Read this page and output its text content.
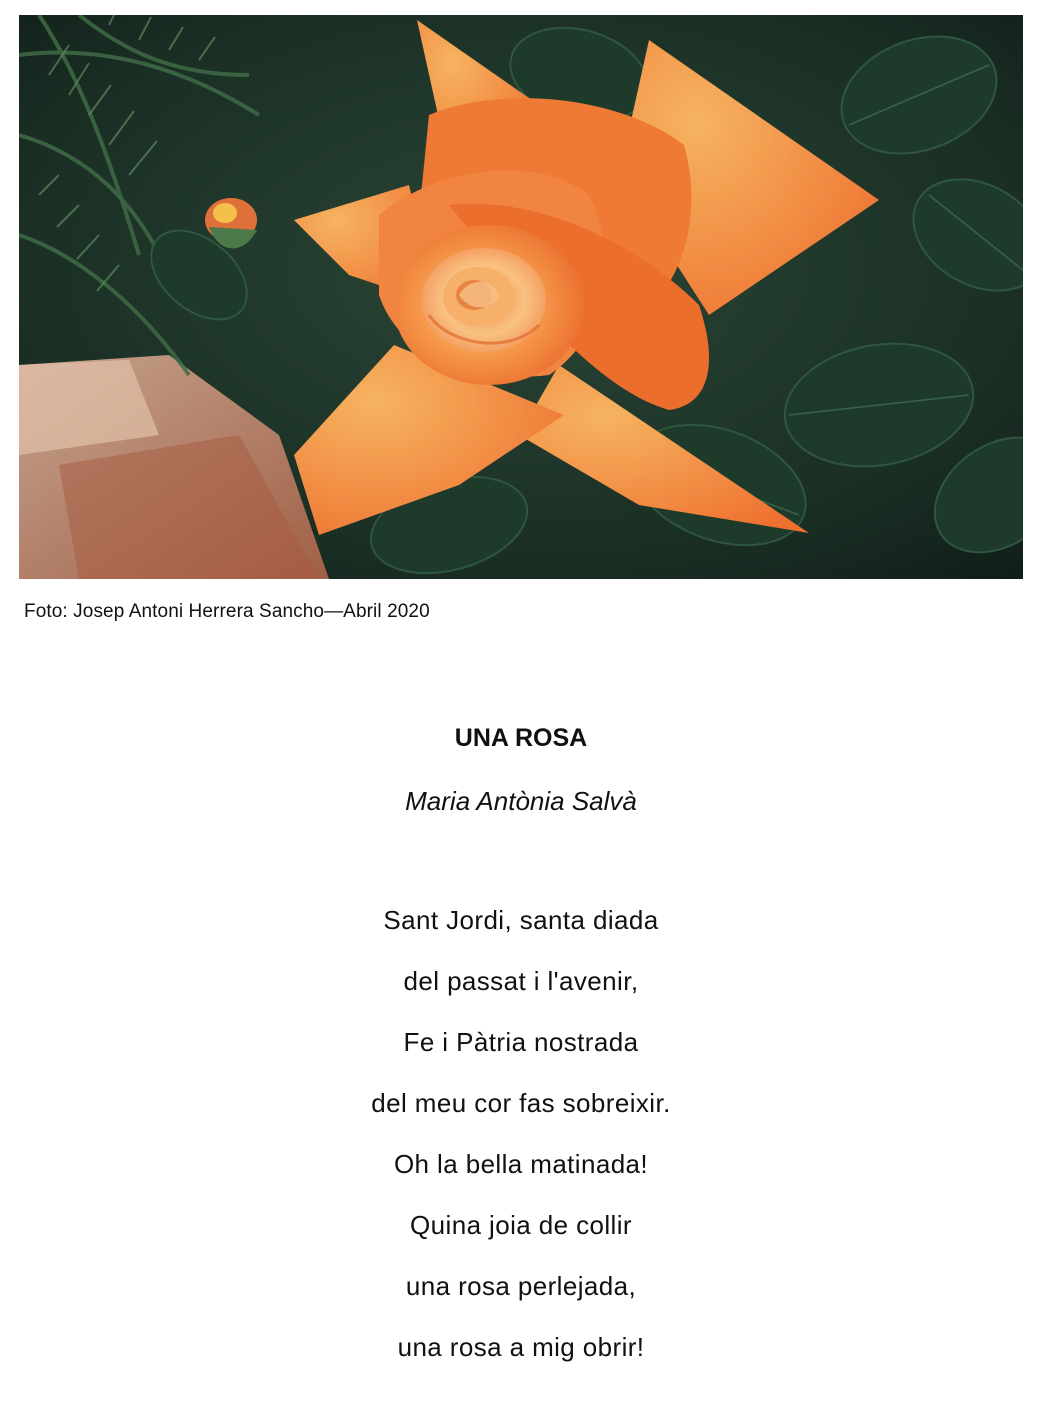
Foto: Josep Antoni Herrera Sancho—Abril 2020
UNA ROSA

Maria Antònia Salvà

Sant Jordi, santa diada
del passat i l'avenir,
Fe i Pàtria nostrada
del meu cor fas sobreixir.
Oh la bella matinada!
Quina joia de collir
una rosa perlejada,
una rosa a mig obrir!
